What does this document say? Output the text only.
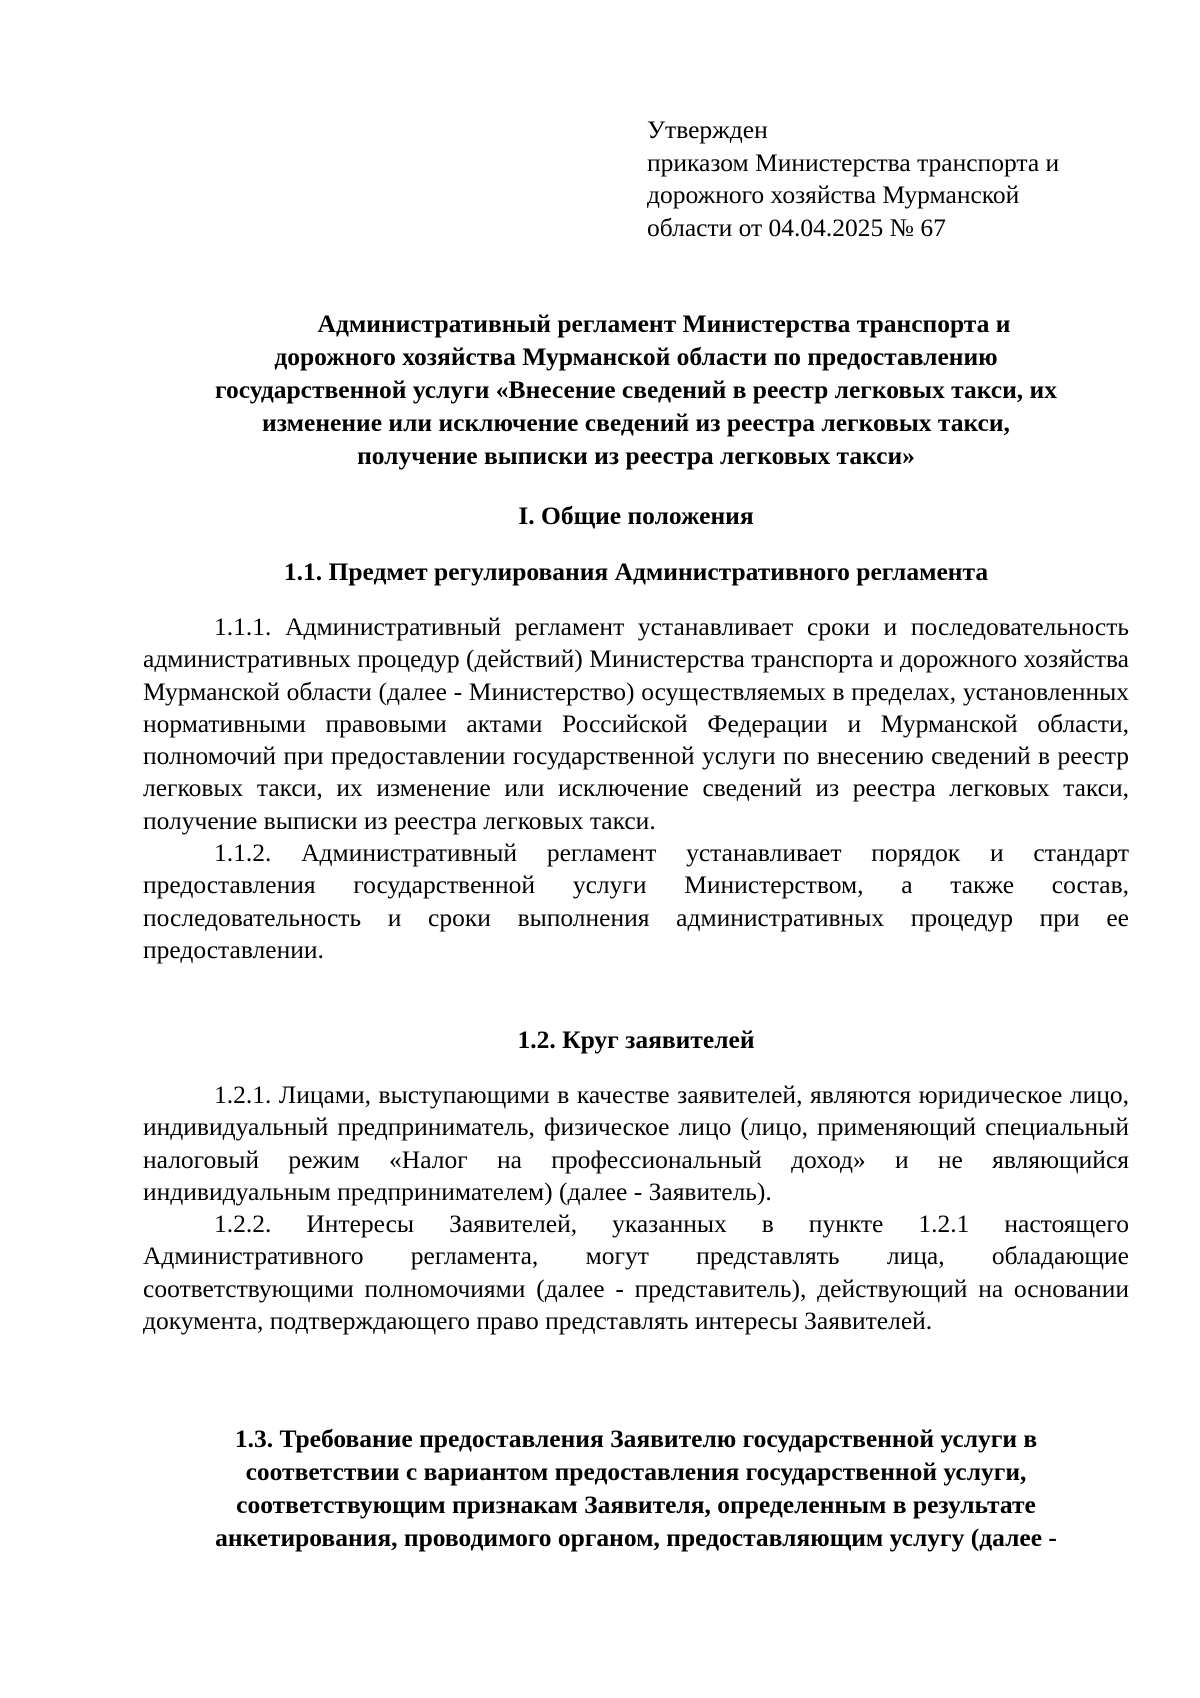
Утвержден
приказом Министерства транспорта и
дорожного хозяйства Мурманской
области от 04.04.2025 № 67
Административный регламент Министерства транспорта и
дорожного хозяйства Мурманской области по предоставлению
государственной услуги «Внесение сведений в реестр легковых такси, их
изменение или исключение сведений из реестра легковых такси,
получение выписки из реестра легковых такси»
I. Общие положения
1.1. Предмет регулирования Административного регламента

1.1.1. Административный регламент устанавливает сроки и последовательность административных процедур (действий) Министерства транспорта и дорожного хозяйства Мурманской области (далее - Министерство) осуществляемых в пределах, установленных нормативными правовыми актами Российской Федерации и Мурманской области, полномочий при предоставлении государственной услуги по внесению сведений в реестр легковых такси, их изменение или исключение сведений из реестра легковых такси, получение выписки из реестра легковых такси.

1.1.2. Административный регламент устанавливает порядок и стандарт предоставления государственной услуги Министерством, а также состав, последовательность и сроки выполнения административных процедур при ее предоставлении.

1.2. Круг заявителей

1.2.1. Лицами, выступающими в качестве заявителей, являются юридическое лицо, индивидуальный предприниматель, физическое лицо (лицо, применяющий специальный налоговый режим «Налог на профессиональный доход» и не являющийся индивидуальным предпринимателем) (далее - Заявитель).

1.2.2. Интересы Заявителей, указанных в пункте 1.2.1 настоящего Административного регламента, могут представлять лица, обладающие соответствующими полномочиями (далее - представитель), действующий на основании документа, подтверждающего право представлять интересы Заявителей.

1.3. Требование предоставления Заявителю государственной услуги в
соответствии с вариантом предоставления государственной услуги,
соответствующим признакам Заявителя, определенным в результате
анкетирования, проводимого органом, предоставляющим услугу (далее -
